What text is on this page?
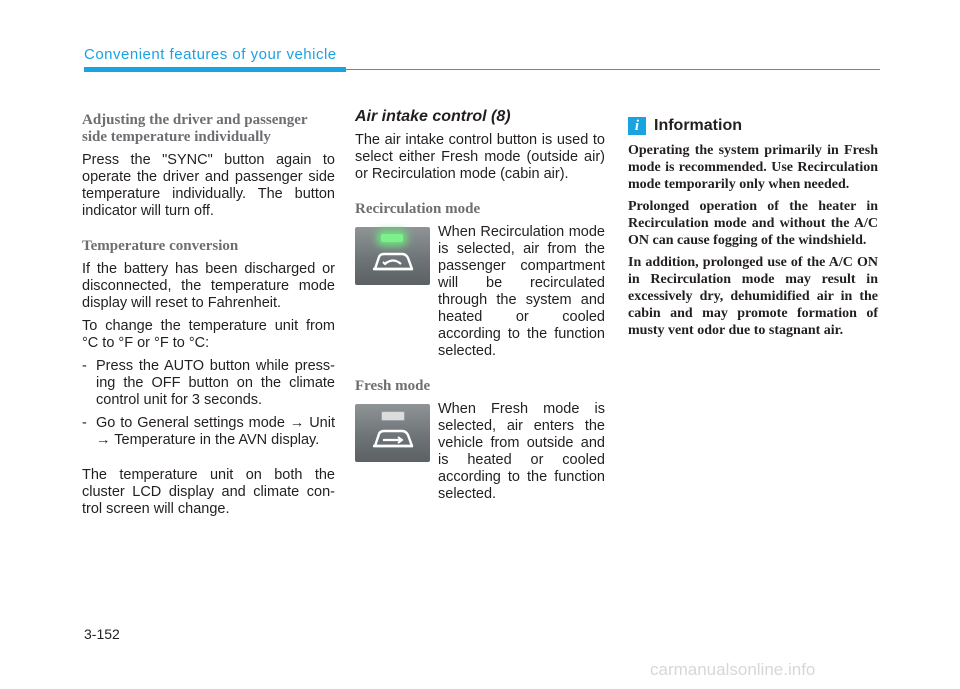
Convenient features of your vehicle

Adjusting the driver and passenger side temperature individually

Press the "SYNC" button again to operate the driver and passenger side temperature individually. The button indicator will turn off.

Temperature conversion

If the battery has been discharged or disconnected, the temperature mode display will reset to Fahrenheit.

To change the temperature unit from °C to °F or °F to °C:

- Press the AUTO button while press-ing the OFF button on the climate control unit for 3 seconds.
- Go to General settings mode → Unit → Temperature in the AVN display.

The temperature unit on both the cluster LCD display and climate con-trol screen will change.

Air intake control (8)

The air intake control button is used to select either Fresh mode (outside air) or Recirculation mode (cabin air).

Recirculation mode

When Recirculation mode is selected, air from the passenger compartment will be recirculated through the system and heated or cooled according to the function selected.

Fresh mode

When Fresh mode is selected, air enters the vehicle from outside and is heated or cooled according to the function selected.

i Information

Operating the system primarily in Fresh mode is recommended. Use Recirculation mode temporarily only when needed.

Prolonged operation of the heater in Recirculation mode and without the A/C ON can cause fogging of the windshield.

In addition, prolonged use of the A/C ON in Recirculation mode may result in excessively dry, dehumidified air in the cabin and may promote formation of musty vent odor due to stagnant air.

3-152
carmanualsonline.info
